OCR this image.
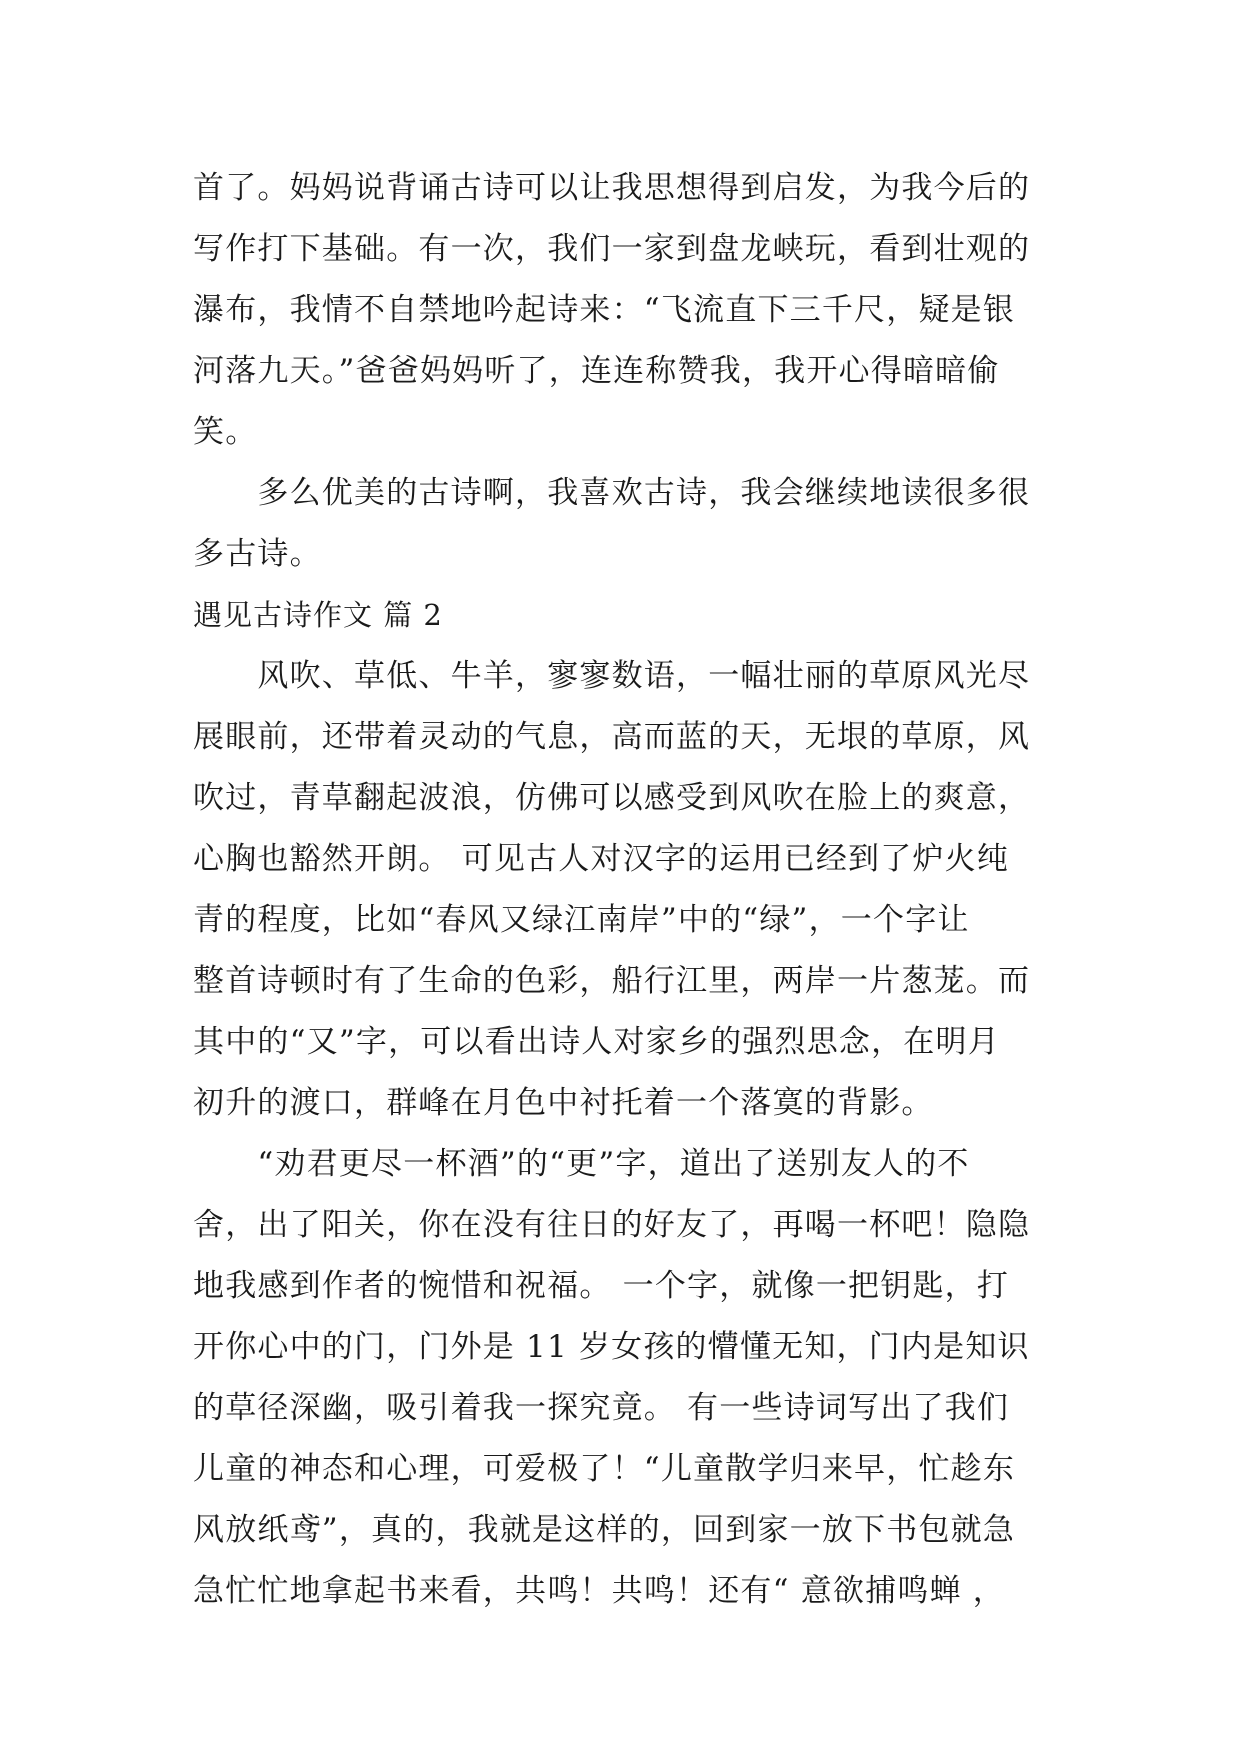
首了。妈妈说背诵古诗可以让我思想得到启发，为我今后的
写作打下基础。有一次，我们一家到盘龙峡玩，看到壮观的
瀑布，我情不自禁地吟起诗来：“飞流直下三千尺，疑是银
河落九天。”爸爸妈妈听了，连连称赞我，我开心得暗暗偷
笑。
　　多么优美的古诗啊，我喜欢古诗，我会继续地读很多很
多古诗。
遇见古诗作文 篇 2
　　风吹、草低、牛羊，寥寥数语，一幅壮丽的草原风光尽
展眼前，还带着灵动的气息，高而蓝的天，无垠的草原，风
吹过，青草翻起波浪，仿佛可以感受到风吹在脸上的爽意，
心胸也豁然开朗。 可见古人对汉字的运用已经到了炉火纯
青的程度，比如“春风又绿江南岸”中的“绿”，一个字让
整首诗顿时有了生命的色彩，船行江里，两岸一片葱茏。而
其中的“又”字，可以看出诗人对家乡的强烈思念，在明月
初升的渡口，群峰在月色中衬托着一个落寞的背影。
　　“劝君更尽一杯酒”的“更”字，道出了送别友人的不
舍，出了阳关，你在没有往日的好友了，再喝一杯吧！隐隐
地我感到作者的惋惜和祝福。 一个字，就像一把钥匙，打
开你心中的门，门外是 11 岁女孩的懵懂无知，门内是知识
的草径深幽，吸引着我一探究竟。 有一些诗词写出了我们
儿童的神态和心理，可爱极了！“儿童散学归来早，忙趁东
风放纸鸢”，真的，我就是这样的，回到家一放下书包就急
急忙忙地拿起书来看，共鸣！共鸣！还有“ 意欲捕鸣蝉 ，
